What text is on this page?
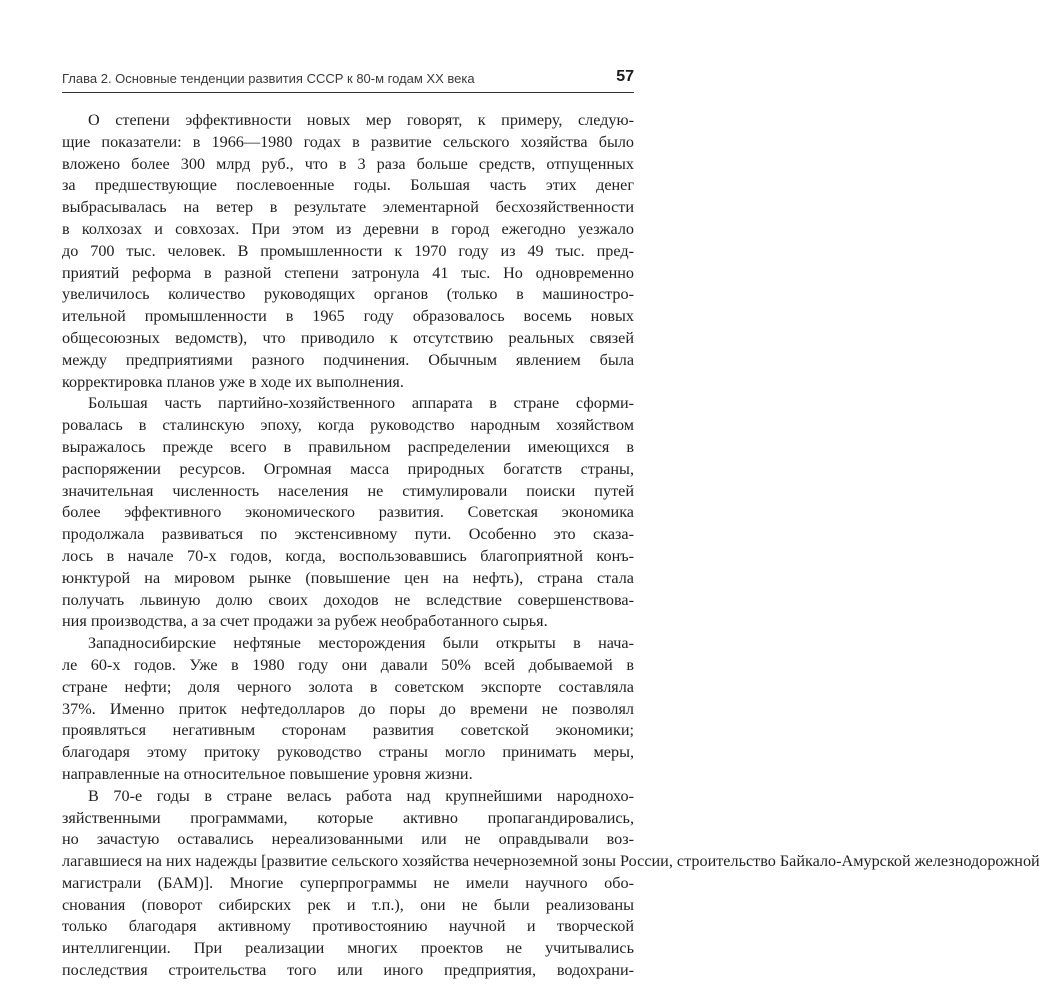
Глава 2. Основные тенденции развития СССР к 80-м годам XX века	57
О степени эффективности новых мер говорят, к примеру, следую-
щие показатели: в 1966—1980 годах в развитие сельского хозяйства было
вложено более 300 млрд руб., что в 3 раза больше средств, отпущенных
за предшествующие послевоенные годы. Большая часть этих денег
выбрасывалась на ветер в результате элементарной бесхозяйственности
в колхозах и совхозах. При этом из деревни в город ежегодно уезжало
до 700 тыс. человек. В промышленности к 1970 году из 49 тыс. пред-
приятий реформа в разной степени затронула 41 тыс. Но одновременно
увеличилось количество руководящих органов (только в машиностро-
ительной промышленности в 1965 году образовалось восемь новых
общесоюзных ведомств), что приводило к отсутствию реальных связей
между предприятиями разного подчинения. Обычным явлением была
корректировка планов уже в ходе их выполнения.
Большая часть партийно-хозяйственного аппарата в стране сформи-
ровалась в сталинскую эпоху, когда руководство народным хозяйством
выражалось прежде всего в правильном распределении имеющихся в
распоряжении ресурсов. Огромная масса природных богатств страны,
значительная численность населения не стимулировали поиски путей
более эффективного экономического развития. Советская экономика
продолжала развиваться по экстенсивному пути. Особенно это сказа-
лось в начале 70-х годов, когда, воспользовавшись благоприятной конъ-
юнктурой на мировом рынке (повышение цен на нефть), страна стала
получать львиную долю своих доходов не вследствие совершенствова-
ния производства, а за счет продажи за рубеж необработанного сырья.
Западносибирские нефтяные месторождения были открыты в нача-
ле 60-х годов. Уже в 1980 году они давали 50% всей добываемой в
стране нефти; доля черного золота в советском экспорте составляла
37%. Именно приток нефтедолларов до поры до времени не позволял
проявляться негативным сторонам развития советской экономики;
благодаря этому притоку руководство страны могло принимать меры,
направленные на относительное повышение уровня жизни.
В 70-е годы в стране велась работа над крупнейшими народнохо-
зяйственными программами, которые активно пропагандировались,
но зачастую оставались нереализованными или не оправдывали воз-
лагавшиеся на них надежды [развитие сельского хозяйства нечерноземной зоны России, строительство Байкало-Амурской железнодорожной
магистрали (БАМ)]. Многие суперпрограммы не имели научного обо-
снования (поворот сибирских рек и т.п.), они не были реализованы
только благодаря активному противостоянию научной и творческой
интеллигенции. При реализации многих проектов не учитывались
последствия строительства того или иного предприятия, водохрани-
